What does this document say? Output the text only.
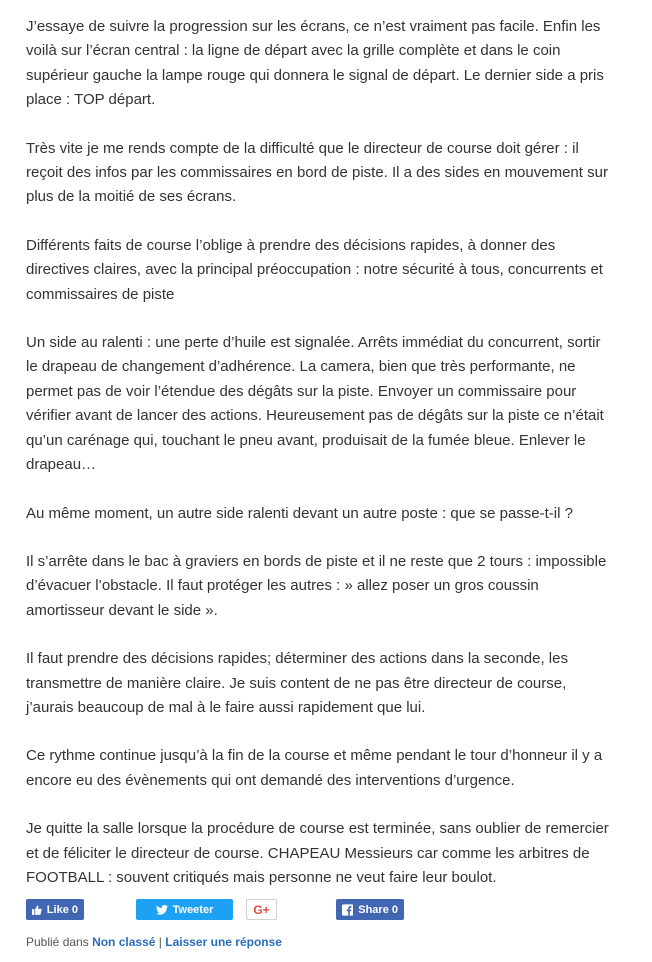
J’essaye de suivre la progression sur les écrans, ce n’est vraiment pas facile. Enfin les voilà sur l’écran central : la ligne de départ avec la grille complète et dans le coin supérieur gauche la lampe rouge qui donnera le signal de départ. Le dernier side a pris place : TOP départ.

Très vite je me rends compte de la difficulté que le directeur de course doit gérer : il reçoit des infos par les commissaires en bord de piste. Il a des sides en mouvement sur plus de la moitié de ses écrans.

Différents faits de course l’oblige à prendre des décisions rapides, à donner des directives claires, avec la principal préoccupation : notre sécurité à tous, concurrents et commissaires de piste

Un side au ralenti : une perte d’huile est signalée. Arrêts immédiat du concurrent, sortir le drapeau de changement d’adhérence. La camera, bien que très performante, ne permet pas de voir l’étendue des dégâts sur la piste. Envoyer un commissaire pour vérifier avant de lancer des actions. Heureusement pas de dégâts sur la piste ce n’était qu’un carénage qui, touchant le pneu avant, produisait de la fumée bleue. Enlever le drapeau…

Au même moment, un autre side ralenti devant un autre poste : que se passe-t-il ?

Il s’arrête dans le bac à graviers en bords de piste et il ne reste que 2 tours : impossible d’évacuer l’obstacle. Il faut protéger les autres : » allez poser un gros coussin amortisseur devant le side ».

Il faut prendre des décisions rapides; déterminer des actions dans la seconde, les transmettre de manière claire. Je suis content de ne pas être directeur de course, j’aurais beaucoup de mal à le faire aussi rapidement que lui.

Ce rythme continue jusqu’à la fin de la course et même pendant le tour d’honneur il y a encore eu des évènements qui ont demandé des interventions d’urgence.

Je quitte la salle lorsque la procédure de course est terminée, sans oublier de remercier et de féliciter le directeur de course. CHAPEAU Messieurs car comme les arbitres de FOOTBALL : souvent critiqués mais personne ne veut faire leur boulot.

Like
0	Tweeter	G+	Share
0
Publié dans Non classé | Laisser une réponse
